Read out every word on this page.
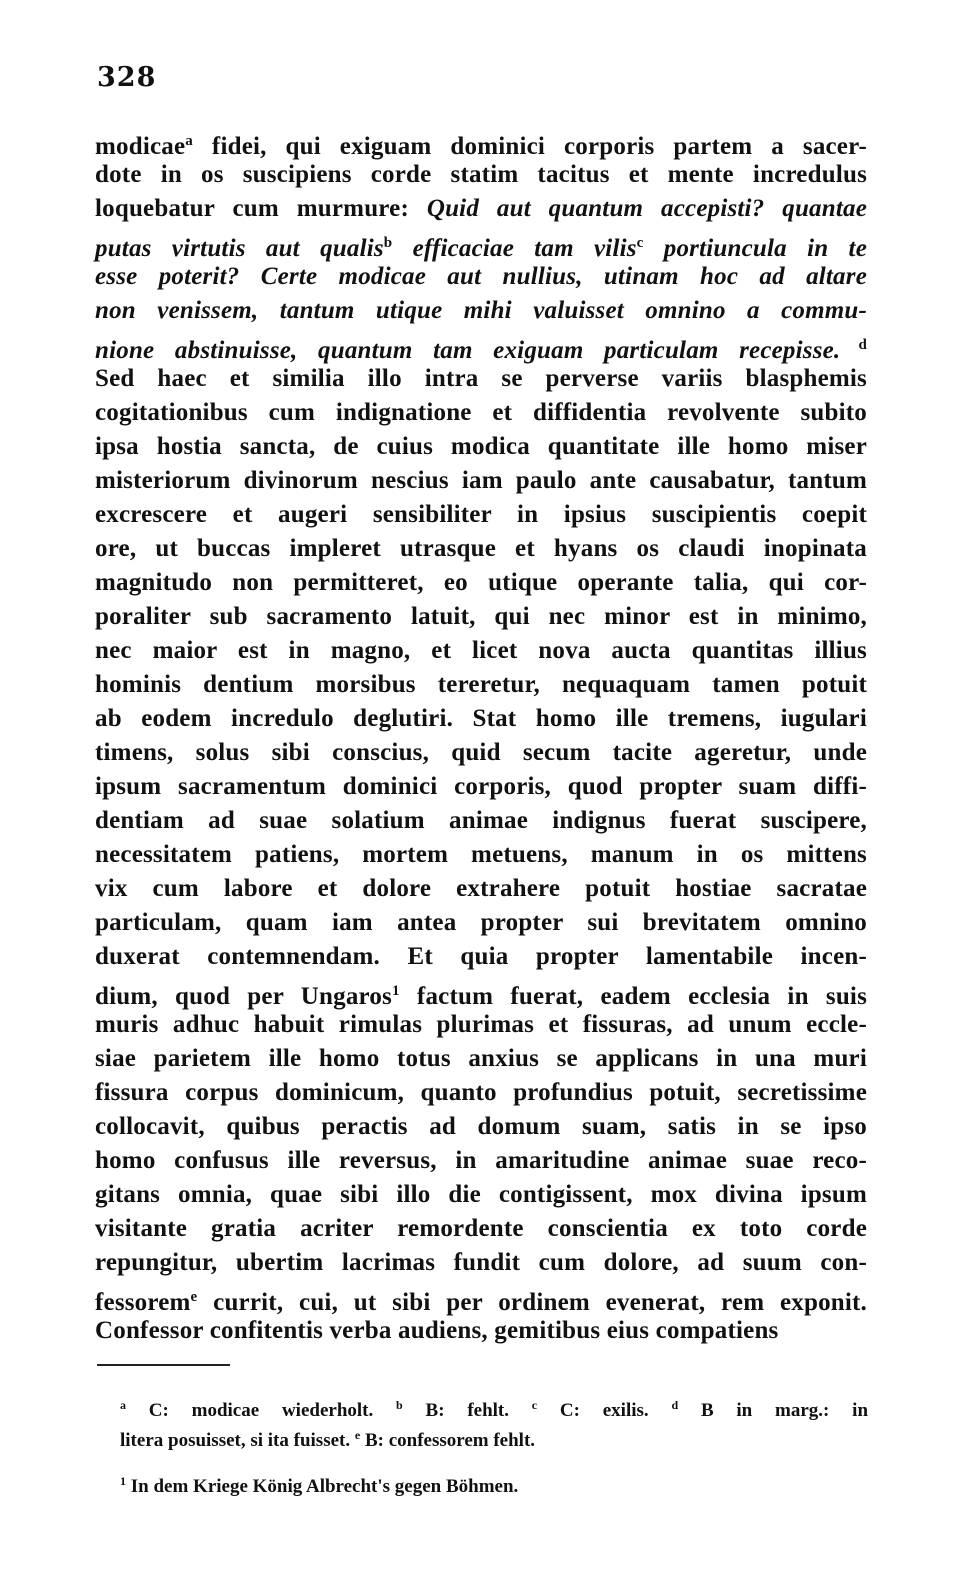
328
modicae$^a$ fidei, qui exiguam dominici corporis partem a sacer-
dote in os suscipiens corde statim tacitus et mente incredulus
loquebatur cum murmure: Quid aut quantum accepisti? quantae
putas virtutis aut qualis$^b$ efficaciae tam vilis$^c$ portiuncula in te
esse poterit? Certe modicae aut nullius, utinam hoc ad altare
non venissem, tantum utique mihi valuisset omnino a commu-
nione abstinuisse, quantum tam exiguam particulam recepisse. $^d$
Sed haec et similia illo intra se perverse variis blasphemis
cogitationibus cum indignatione et diffidentia revolvente subito
ipsa hostia sancta, de cuius modica quantitate ille homo miser
misteriorum divinorum nescius iam paulo ante causabatur, tantum
excrescere et augeri sensibiliter in ipsius suscipientis coepit
ore, ut buccas impleret utrasque et hyans os claudi inopinata
magnitudo non permitteret, eo utique operante talia, qui cor-
poraliter sub sacramento latuit, qui nec minor est in minimo,
nec maior est in magno, et licet nova aucta quantitas illius
hominis dentium morsibus tereretur, nequaquam tamen potuit
ab eodem incredulo deglutiri. Stat homo ille tremens, iugulari
timens, solus sibi conscius, quid secum tacite ageretur, unde
ipsum sacramentum dominici corporis, quod propter suam diffi-
dentiam ad suae solatium animae indignus fuerat suscipere,
necessitatem patiens, mortem metuens, manum in os mittens
vix cum labore et dolore extrahere potuit hostiae sacratae
particulam, quam iam antea propter sui brevitatem omnino
duxerat contemnendam. Et quia propter lamentabile incen-
dium, quod per Ungaros$^1$ factum fuerat, eadem ecclesia in suis
muris adhuc habuit rimulas plurimas et fissuras, ad unum eccle-
siae parietem ille homo totus anxius se applicans in una muri
fissura corpus dominicum, quanto profundius potuit, secretissime
collocavit, quibus peractis ad domum suam, satis in se ipso
homo confusus ille reversus, in amaritudine animae suae reco-
gitans omnia, quae sibi illo die contigissent, mox divina ipsum
visitante gratia acriter remordente conscientia ex toto corde
repungitur, ubertim lacrimas fundit cum dolore, ad suum con-
fessorem$^e$ currit, cui, ut sibi per ordinem evenerat, rem exponit.
Confessor confitentis verba audiens, gemitibus eius compatiens
$^a$ C: modicae wiederholt. $^b$ B: fehlt. $^c$ C: exilis. $^d$ B in marg.: in
litera posuisset, si ita fuisset. $^e$ B: confessorem fehlt.
$^1$ In dem Kriege König Albrecht's gegen Böhmen.
